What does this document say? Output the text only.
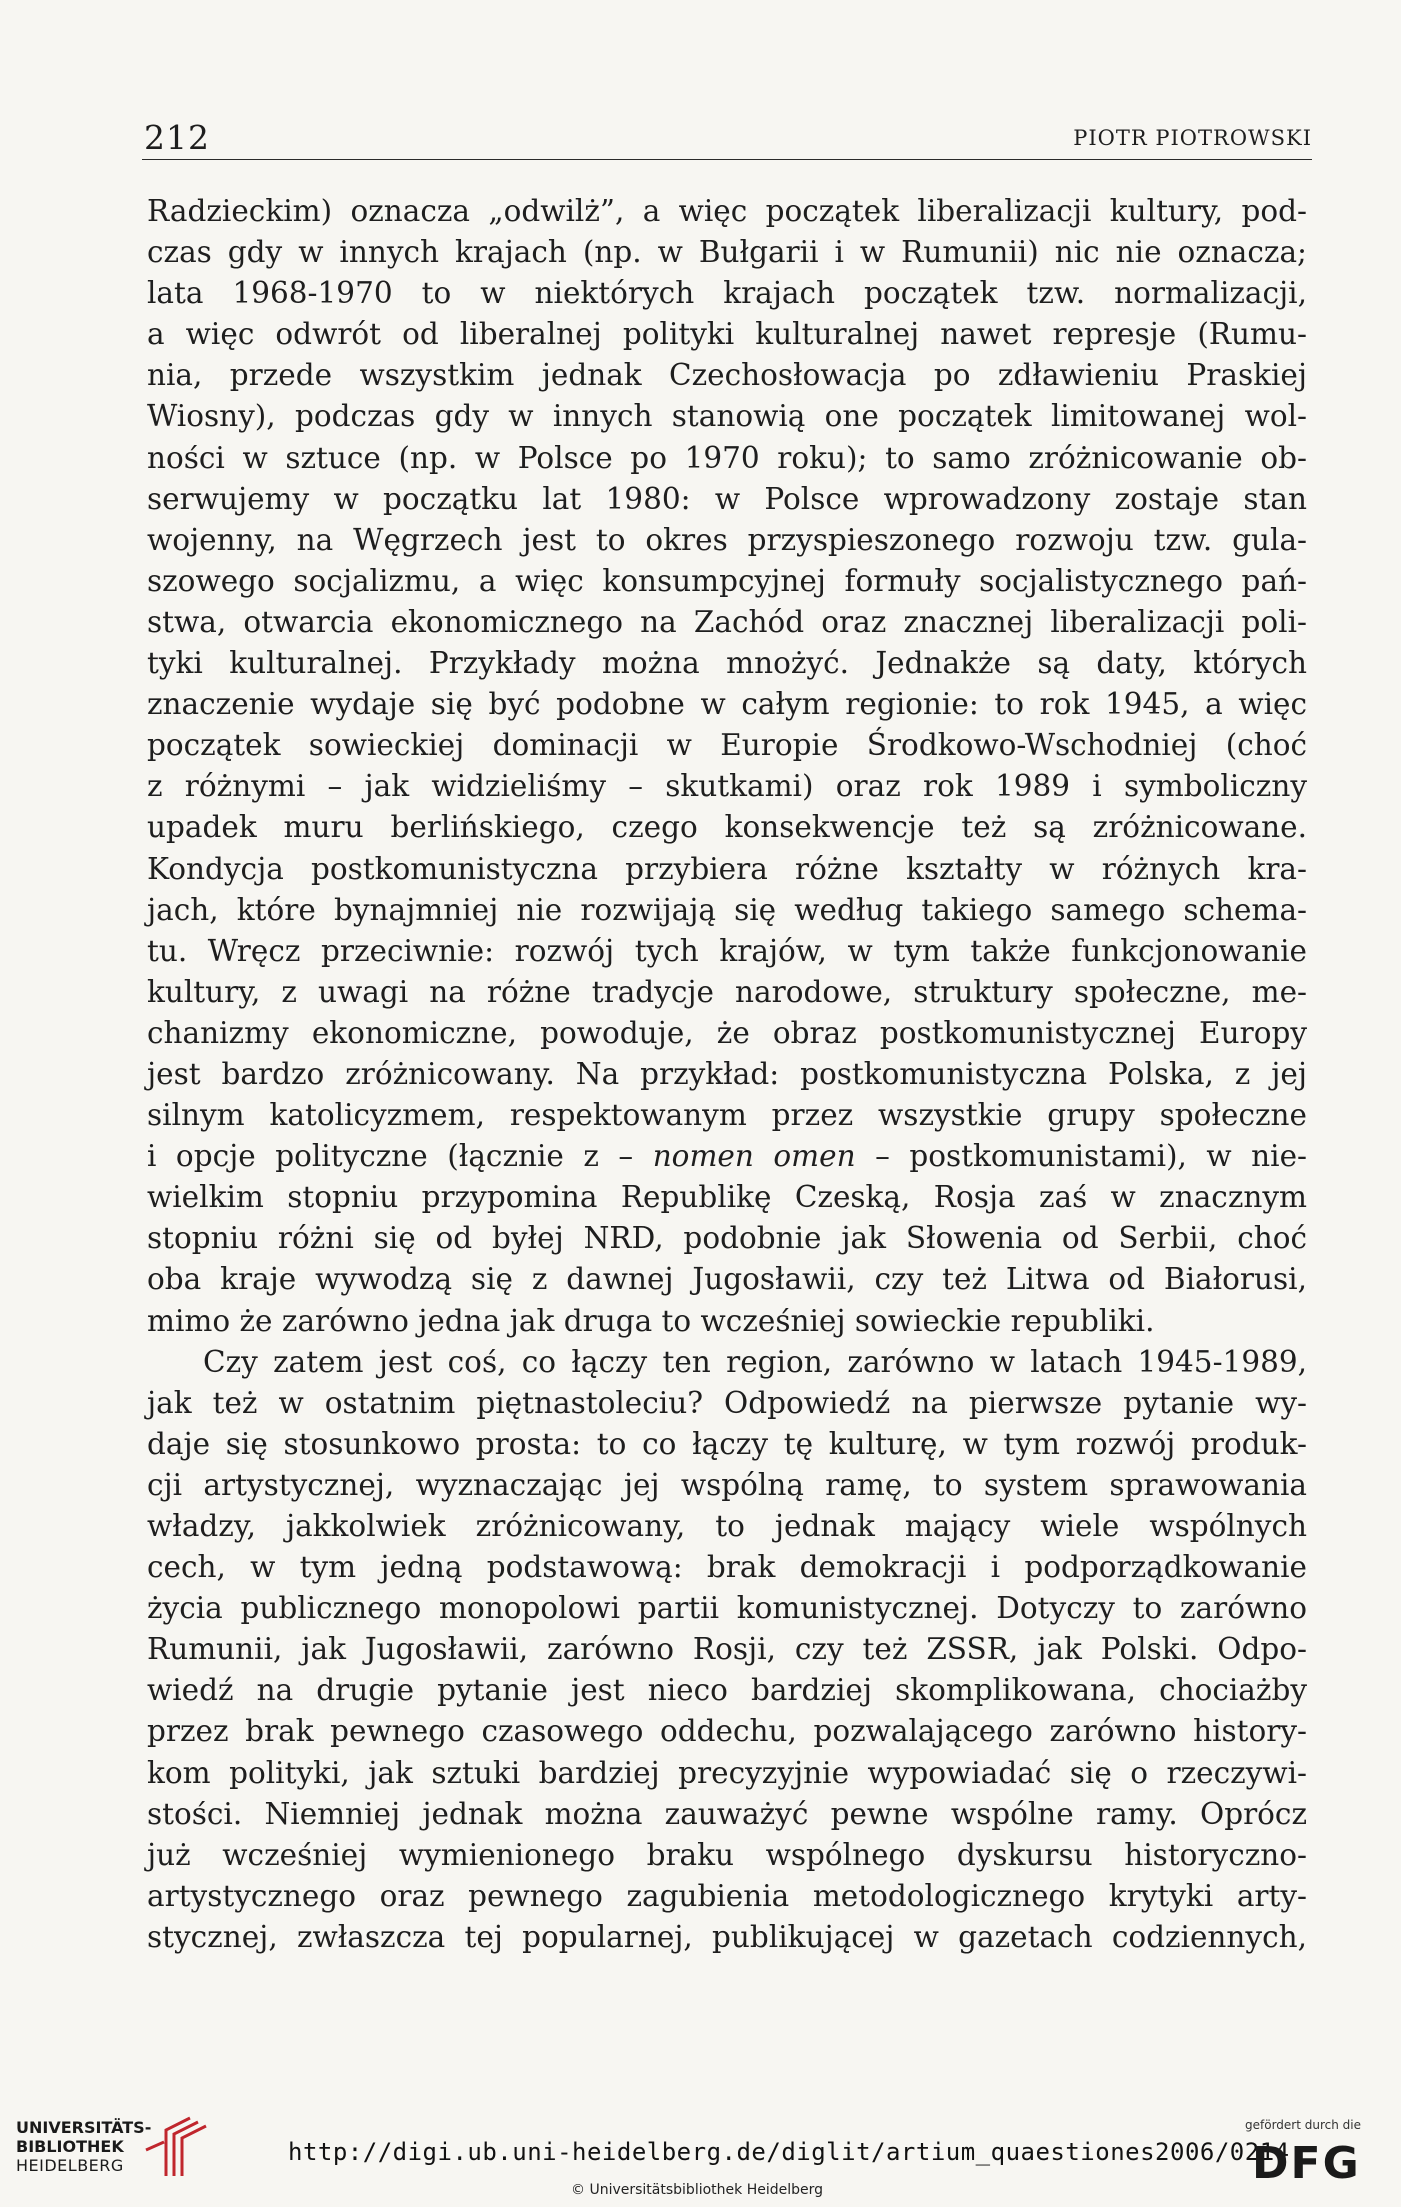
212	PIOTR PIOTROWSKI
Radzieckim) oznacza „odwilż”, a więc początek liberalizacji kultury, pod-
czas gdy w innych krajach (np. w Bułgarii i w Rumunii) nic nie oznacza;
lata 1968-1970 to w niektórych krajach początek tzw. normalizacji,
a więc odwrót od liberalnej polityki kulturalnej nawet represje (Rumu-
nia, przede wszystkim jednak Czechosłowacja po zdławieniu Praskiej
Wiosny), podczas gdy w innych stanowią one początek limitowanej wol-
ności w sztuce (np. w Polsce po 1970 roku); to samo zróżnicowanie ob-
serwujemy w początku lat 1980: w Polsce wprowadzony zostaje stan
wojenny, na Węgrzech jest to okres przyspieszonego rozwoju tzw. gula-
szowego socjalizmu, a więc konsumpcyjnej formuły socjalistycznego pań-
stwa, otwarcia ekonomicznego na Zachód oraz znacznej liberalizacji poli-
tyki kulturalnej. Przykłady można mnożyć. Jednakże są daty, których
znaczenie wydaje się być podobne w całym regionie: to rok 1945, a więc
początek sowieckiej dominacji w Europie Środkowo-Wschodniej (choć
z różnymi – jak widzieliśmy – skutkami) oraz rok 1989 i symboliczny
upadek muru berlińskiego, czego konsekwencje też są zróżnicowane.
Kondycja postkomunistyczna przybiera różne kształty w różnych kra-
jach, które bynajmniej nie rozwijają się według takiego samego schema-
tu. Wręcz przeciwnie: rozwój tych krajów, w tym także funkcjonowanie
kultury, z uwagi na różne tradycje narodowe, struktury społeczne, me-
chanizmy ekonomiczne, powoduje, że obraz postkomunistycznej Europy
jest bardzo zróżnicowany. Na przykład: postkomunistyczna Polska, z jej
silnym katolicyzmem, respektowanym przez wszystkie grupy społeczne
i opcje polityczne (łącznie z – nomen omen – postkomunistami), w nie-
wielkim stopniu przypomina Republikę Czeską, Rosja zaś w znacznym
stopniu różni się od byłej NRD, podobnie jak Słowenia od Serbii, choć
oba kraje wywodzą się z dawnej Jugosławii, czy też Litwa od Białorusi,
mimo że zarówno jedna jak druga to wcześniej sowieckie republiki.
Czy zatem jest coś, co łączy ten region, zarówno w latach 1945-1989,
jak też w ostatnim piętnastoleciu? Odpowiedź na pierwsze pytanie wy-
daje się stosunkowo prosta: to co łączy tę kulturę, w tym rozwój produk-
cji artystycznej, wyznaczając jej wspólną ramę, to system sprawowania
władzy, jakkolwiek zróżnicowany, to jednak mający wiele wspólnych
cech, w tym jedną podstawową: brak demokracji i podporządkowanie
życia publicznego monopolowi partii komunistycznej. Dotyczy to zarówno
Rumunii, jak Jugosławii, zarówno Rosji, czy też ZSSR, jak Polski. Odpo-
wiedź na drugie pytanie jest nieco bardziej skomplikowana, chociażby
przez brak pewnego czasowego oddechu, pozwalającego zarówno history-
kom polityki, jak sztuki bardziej precyzyjnie wypowiadać się o rzeczywi-
stości. Niemniej jednak można zauważyć pewne wspólne ramy. Oprócz
już wcześniej wymienionego braku wspólnego dyskursu historyczno-
artystycznego oraz pewnego zagubienia metodologicznego krytyki arty-
stycznej, zwłaszcza tej popularnej, publikującej w gazetach codziennych,
UNIVERSITÄTS-
BIBLIOTHEK
HEIDELBERG	http://digi.ub.uni-heidelberg.de/diglit/artium_quaestiones2006/0214
© Universitätsbibliothek Heidelberg
gefördert durch die
DFG
